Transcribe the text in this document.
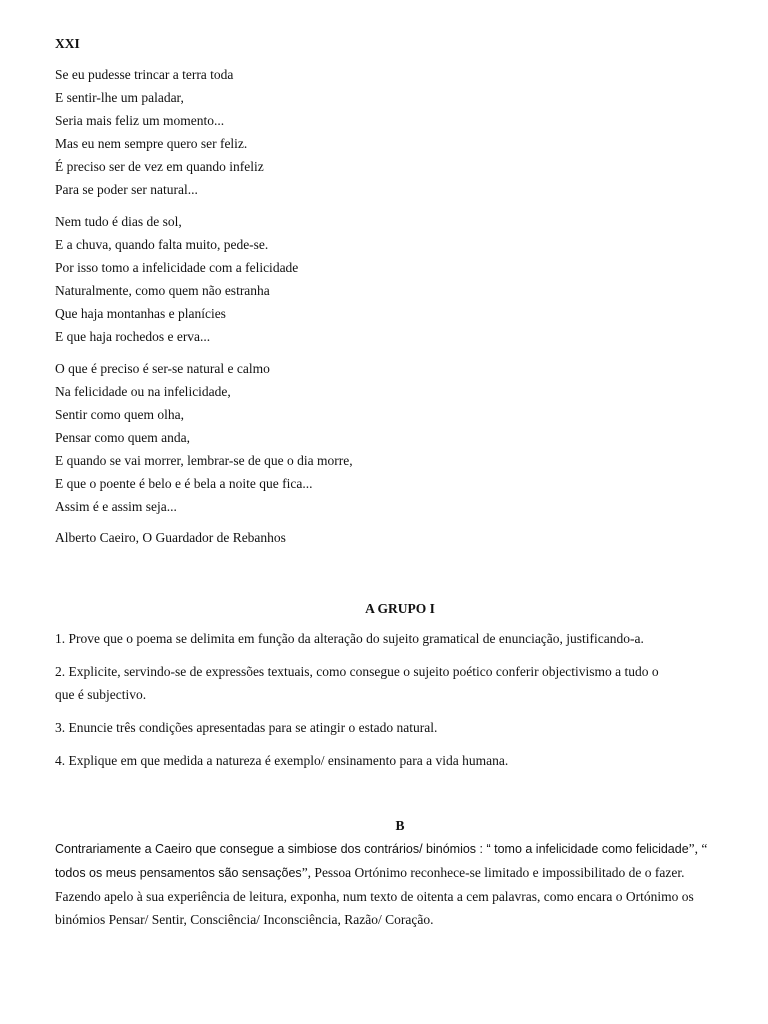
XXI
Se eu pudesse trincar a terra toda
E sentir-lhe um paladar,
Seria mais feliz um momento...
Mas eu nem sempre quero ser feliz.
É preciso ser de vez em quando infeliz
Para se poder ser natural...
Nem tudo é dias de sol,
E a chuva, quando falta muito, pede-se.
Por isso tomo a infelicidade com a felicidade
Naturalmente, como quem não estranha
Que haja montanhas e planícies
E que haja rochedos e erva...
O que é preciso é ser-se natural e calmo
Na felicidade ou na infelicidade,
Sentir como quem olha,
Pensar como quem anda,
E quando se vai morrer, lembrar-se de que o dia morre,
E que o poente é belo e é bela a noite que fica...
Assim é e assim seja...
Alberto Caeiro, O Guardador de Rebanhos
A GRUPO I
1. Prove que o poema se delimita em função da alteração do sujeito gramatical de enunciação, justificando-a.
2. Explicite, servindo-se de expressões textuais, como consegue o sujeito poético conferir objectivismo a tudo o
que é subjectivo.
3. Enuncie três condições apresentadas para se atingir o estado natural.
4. Explique em que medida a natureza é exemplo/ ensinamento para a vida humana.
B
Contrariamente a Caeiro que consegue a simbiose dos contrários/ binómios : “ tomo a infelicidade como felicidade”, “
todos os meus pensamentos são sensações”, Pessoa Ortónimo reconhece-se limitado e impossibilitado de o fazer.
Fazendo apelo à sua experiência de leitura, exponha, num texto de oitenta a cem palavras, como encara o Ortónimo os
binómios Pensar/ Sentir, Consciência/ Inconsciência, Razão/ Coração.
